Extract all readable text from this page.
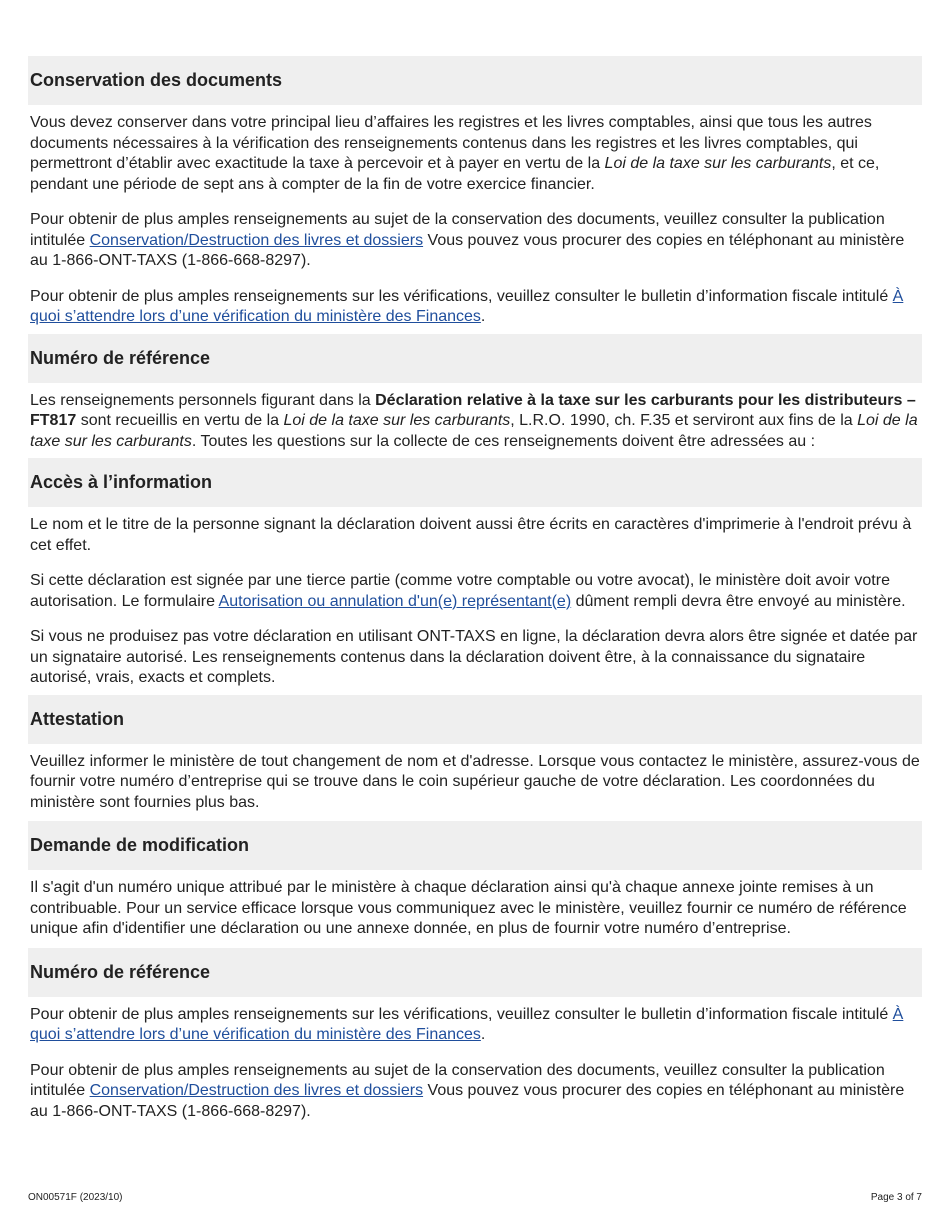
Conservation des documents

Vous devez conserver dans votre principal lieu d’affaires les registres et les livres comptables, ainsi que tous les autres documents nécessaires à la vérification des renseignements contenus dans les registres et les livres comptables, qui permettront d’établir avec exactitude la taxe à percevoir et à payer en vertu de la Loi de la taxe sur les carburants, et ce, pendant une période de sept ans à compter de la fin de votre exercice financier.

Pour obtenir de plus amples renseignements au sujet de la conservation des documents, veuillez consulter la publication intitulée Conservation/Destruction des livres et dossiers Vous pouvez vous procurer des copies en téléphonant au ministère au 1-866-ONT-TAXS (1-866-668-8297).

Pour obtenir de plus amples renseignements sur les vérifications, veuillez consulter le bulletin d’information fiscale intitulé À quoi s’attendre lors d’une vérification du ministère des Finances.

Numéro de référence

Les renseignements personnels figurant dans la Déclaration relative à la taxe sur les carburants pour les distributeurs – FT817 sont recueillis en vertu de la Loi de la taxe sur les carburants, L.R.O. 1990, ch. F.35 et serviront aux fins de la Loi de la taxe sur les carburants. Toutes les questions sur la collecte de ces renseignements doivent être adressées au :

Accès à l’information

Le nom et le titre de la personne signant la déclaration doivent aussi être écrits en caractères d'imprimerie à l'endroit prévu à cet effet.

Si cette déclaration est signée par une tierce partie (comme votre comptable ou votre avocat), le ministère doit avoir votre autorisation. Le formulaire Autorisation ou annulation d'un(e) représentant(e) dûment rempli devra être envoyé au ministère.

Si vous ne produisez pas votre déclaration en utilisant ONT-TAXS en ligne, la déclaration devra alors être signée et datée par un signataire autorisé. Les renseignements contenus dans la déclaration doivent être, à la connaissance du signataire autorisé, vrais, exacts et complets.

Attestation

Veuillez informer le ministère de tout changement de nom et d'adresse. Lorsque vous contactez le ministère, assurez-vous de fournir votre numéro d’entreprise qui se trouve dans le coin supérieur gauche de votre déclaration. Les coordonnées du ministère sont fournies plus bas.

Demande de modification

Il s'agit d'un numéro unique attribué par le ministère à chaque déclaration ainsi qu'à chaque annexe jointe remises à un contribuable. Pour un service efficace lorsque vous communiquez avec le ministère, veuillez fournir ce numéro de référence unique afin d'identifier une déclaration ou une annexe donnée, en plus de fournir votre numéro d’entreprise.

Numéro de référence

Pour obtenir de plus amples renseignements sur les vérifications, veuillez consulter le bulletin d’information fiscale intitulé À quoi s’attendre lors d’une vérification du ministère des Finances.

Pour obtenir de plus amples renseignements au sujet de la conservation des documents, veuillez consulter la publication intitulée Conservation/Destruction des livres et dossiers Vous pouvez vous procurer des copies en téléphonant au ministère au 1-866-ONT-TAXS (1-866-668-8297).

ON00571F (2023/10)	Page 3 of 7
